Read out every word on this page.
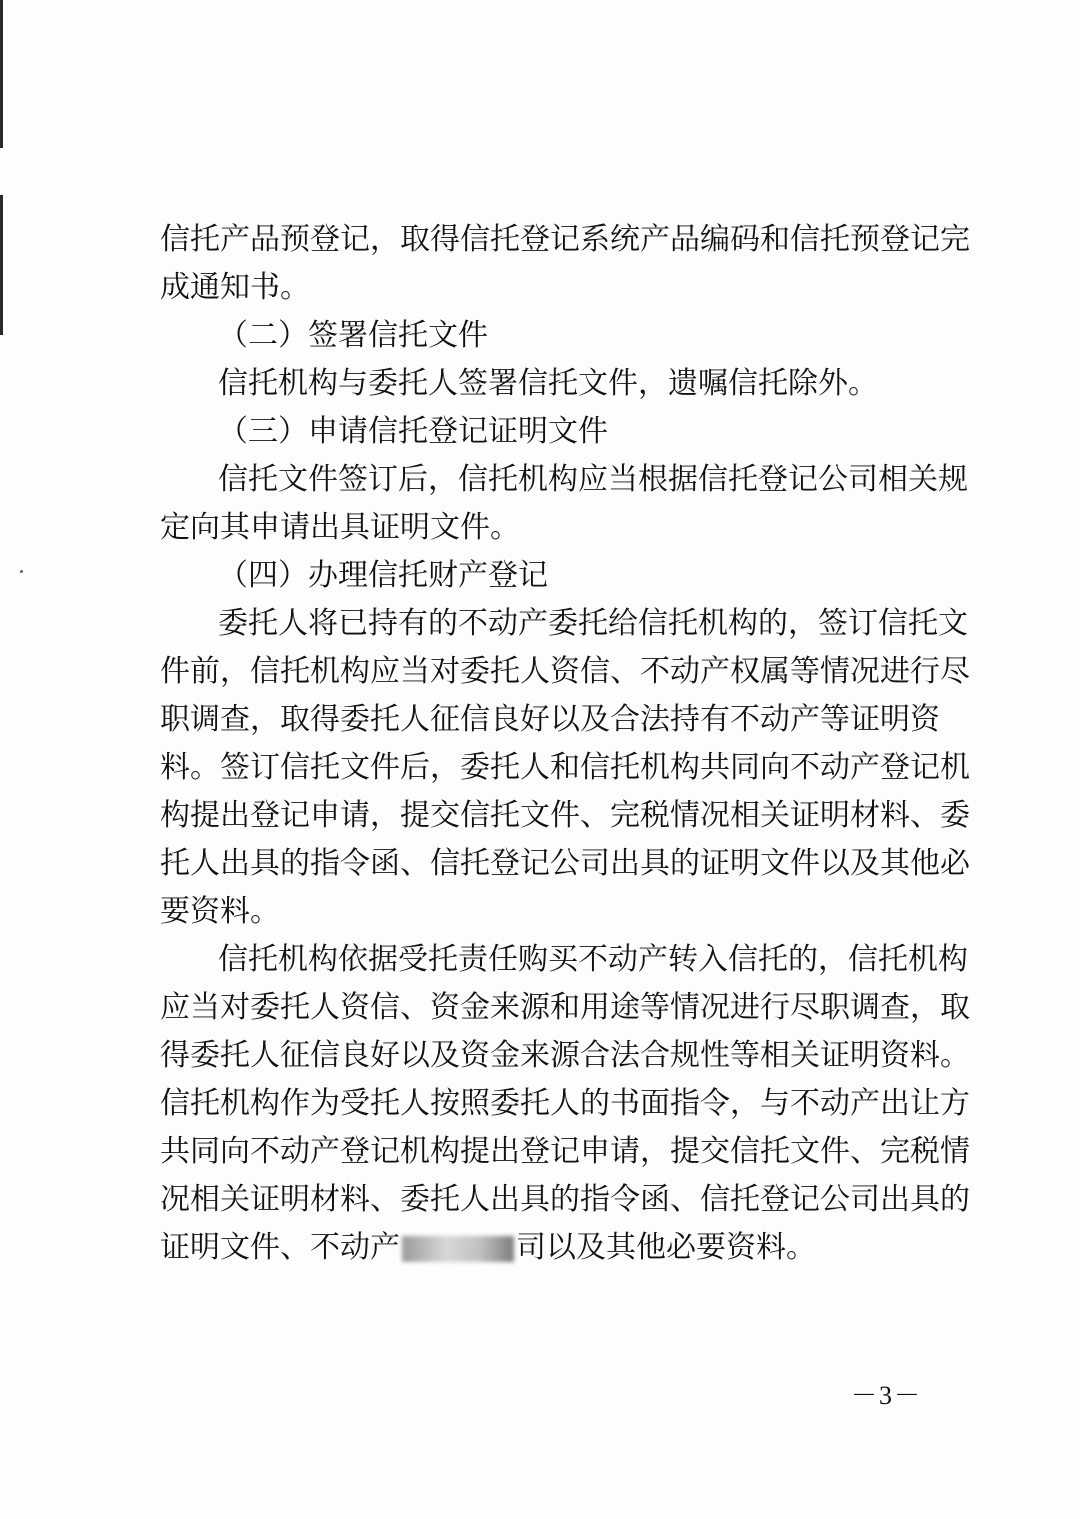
信托产品预登记，取得信托登记系统产品编码和信托预登记完
成通知书。
（二）签署信托文件
信托机构与委托人签署信托文件，遗嘱信托除外。
（三）申请信托登记证明文件
信托文件签订后，信托机构应当根据信托登记公司相关规
定向其申请出具证明文件。
（四）办理信托财产登记
委托人将已持有的不动产委托给信托机构的，签订信托文
件前，信托机构应当对委托人资信、不动产权属等情况进行尽
职调查，取得委托人征信良好以及合法持有不动产等证明资
料。签订信托文件后，委托人和信托机构共同向不动产登记机
构提出登记申请，提交信托文件、完税情况相关证明材料、委
托人出具的指令函、信托登记公司出具的证明文件以及其他必
要资料。
信托机构依据受托责任购买不动产转入信托的，信托机构
应当对委托人资信、资金来源和用途等情况进行尽职调查，取
得委托人征信良好以及资金来源合法合规性等相关证明资料。
信托机构作为受托人按照委托人的书面指令，与不动产出让方
共同向不动产登记机构提出登记申请，提交信托文件、完税情
况相关证明材料、委托人出具的指令函、信托登记公司出具的
证明文件、不动产	司以及其他必要资料。
－3－
